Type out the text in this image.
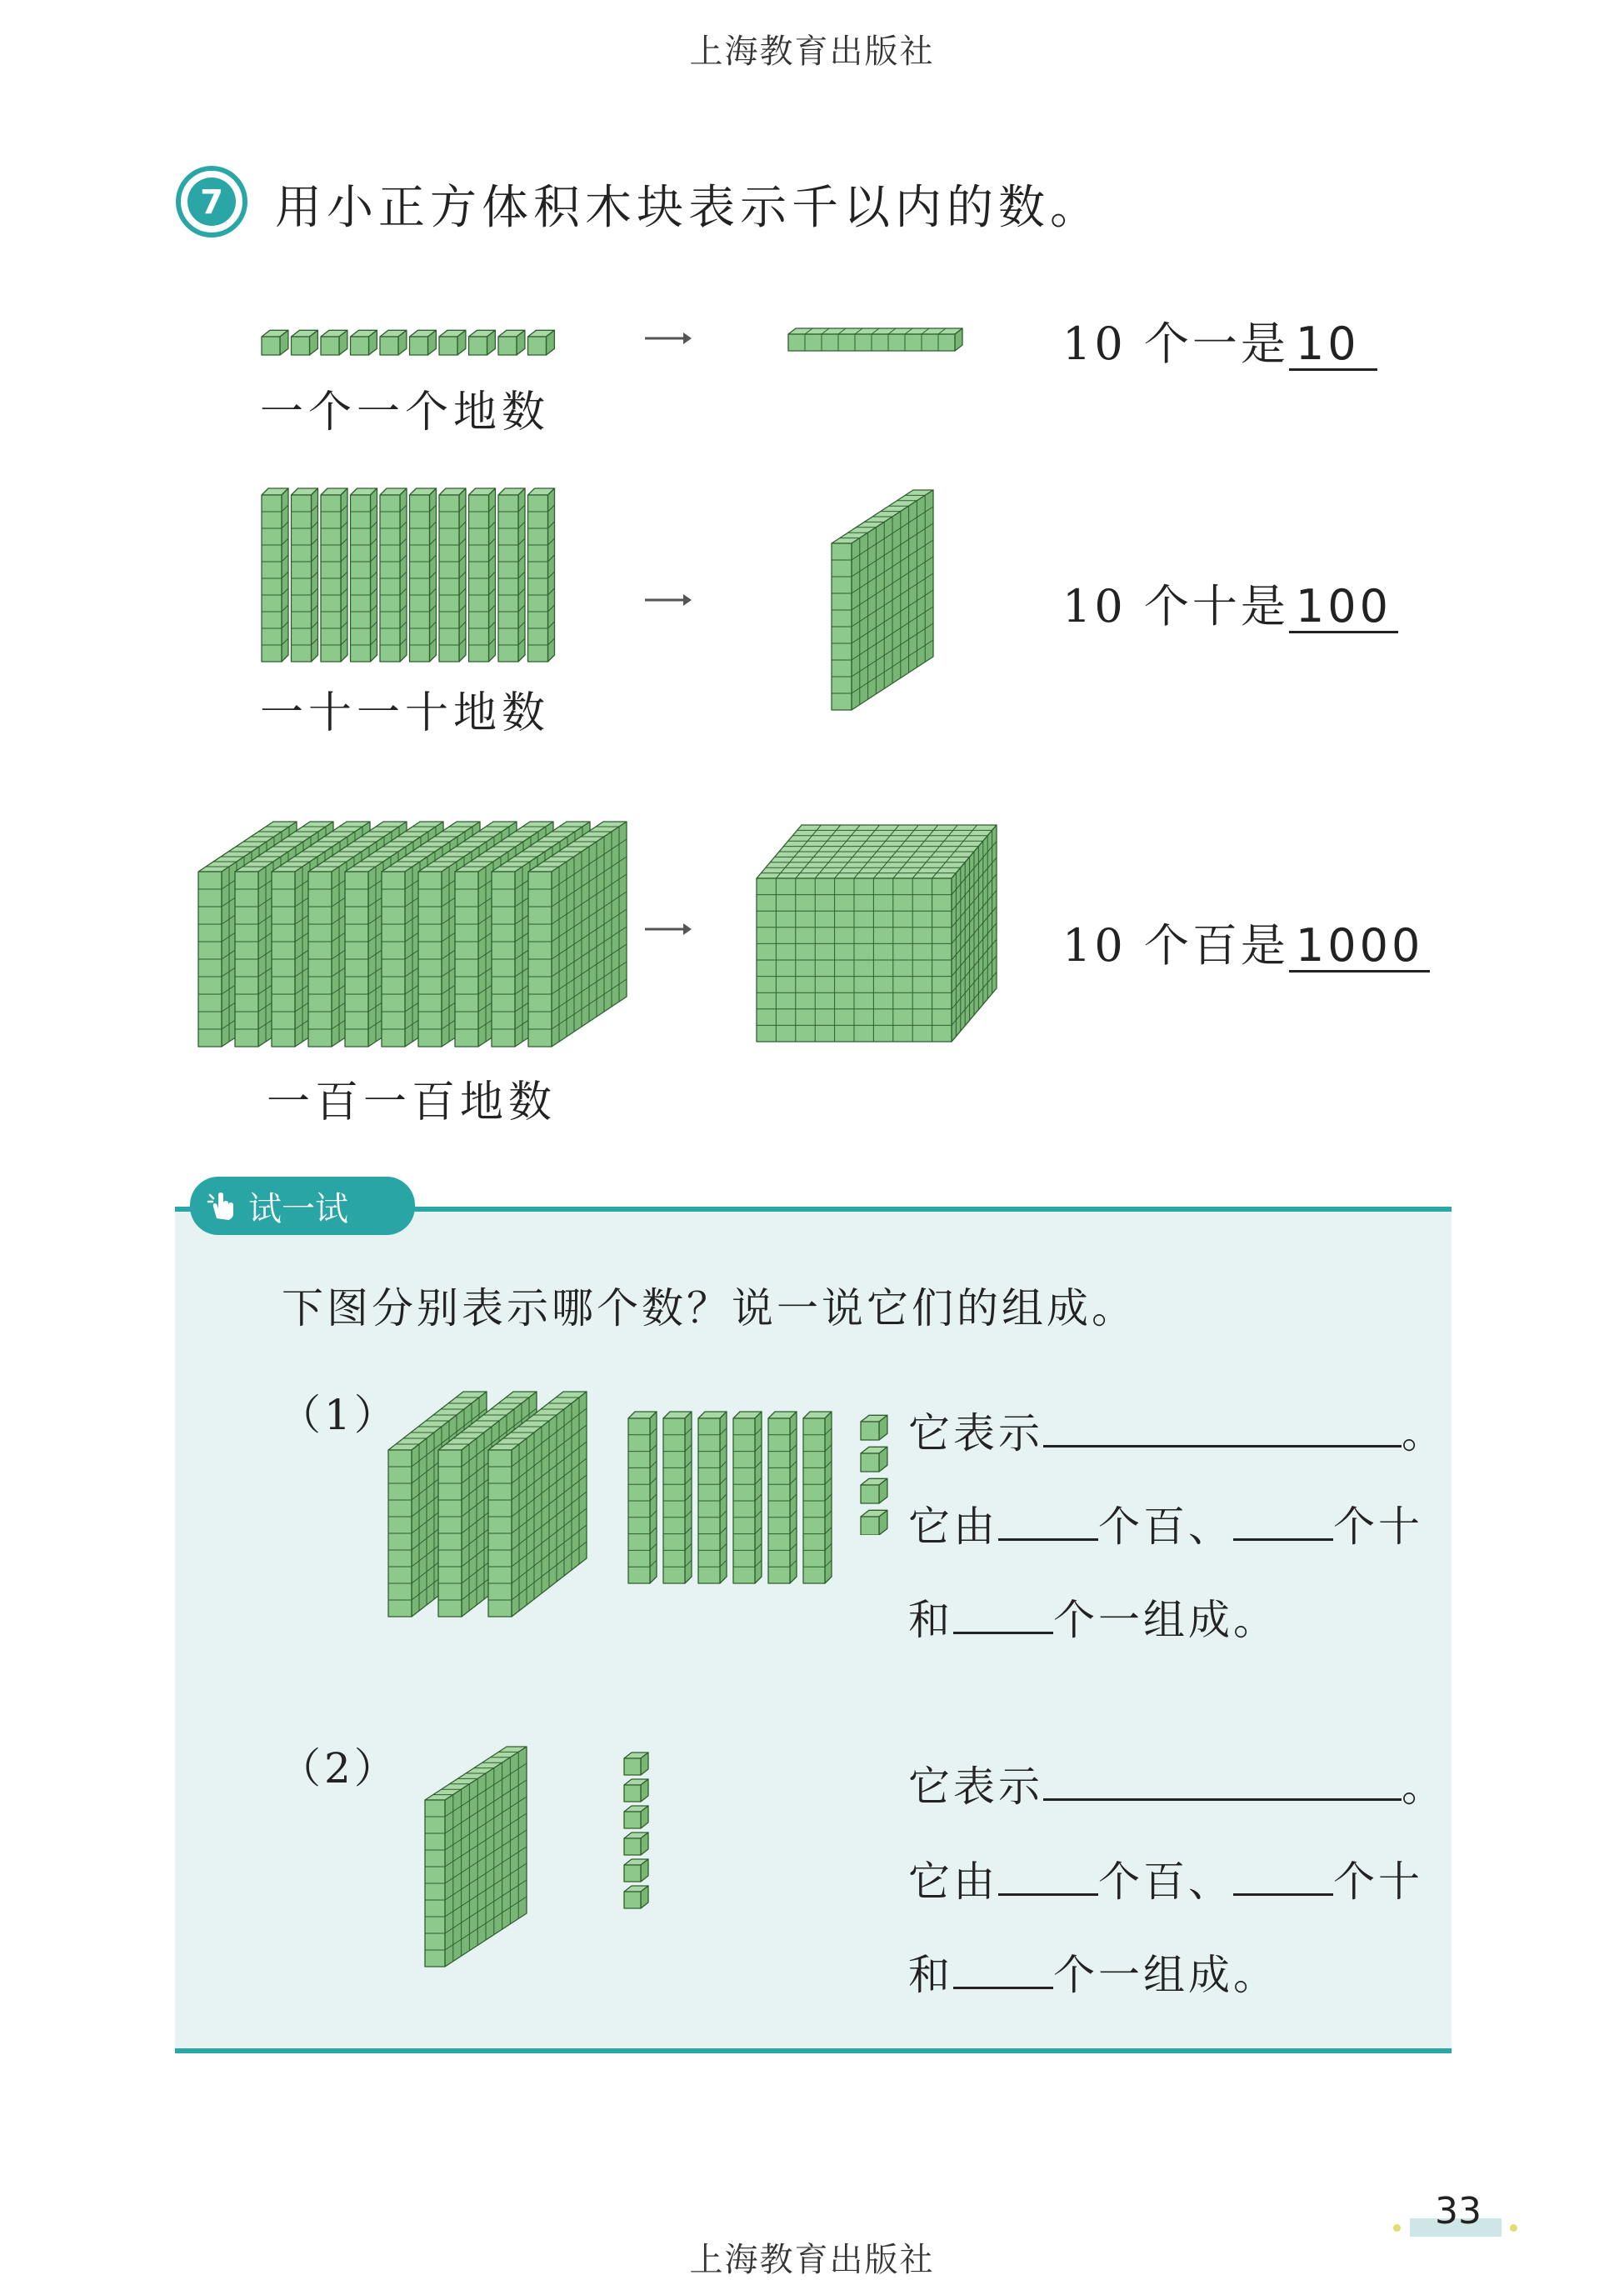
上海教育出版社
7 用小正方体积木块表示千以内的数。
10 个一是 10
一个一个地数
10 个十是 100
一十一十地数
10 个百是 1000
一百一百地数
试一试
下图分别表示哪个数？说一说它们的组成。
（1）	它表示	。
它由 个百、 个十
和 个一组成。
（2）	它表示	。
它由 个百、 个十
和 个一组成。
33
上海教育出版社
